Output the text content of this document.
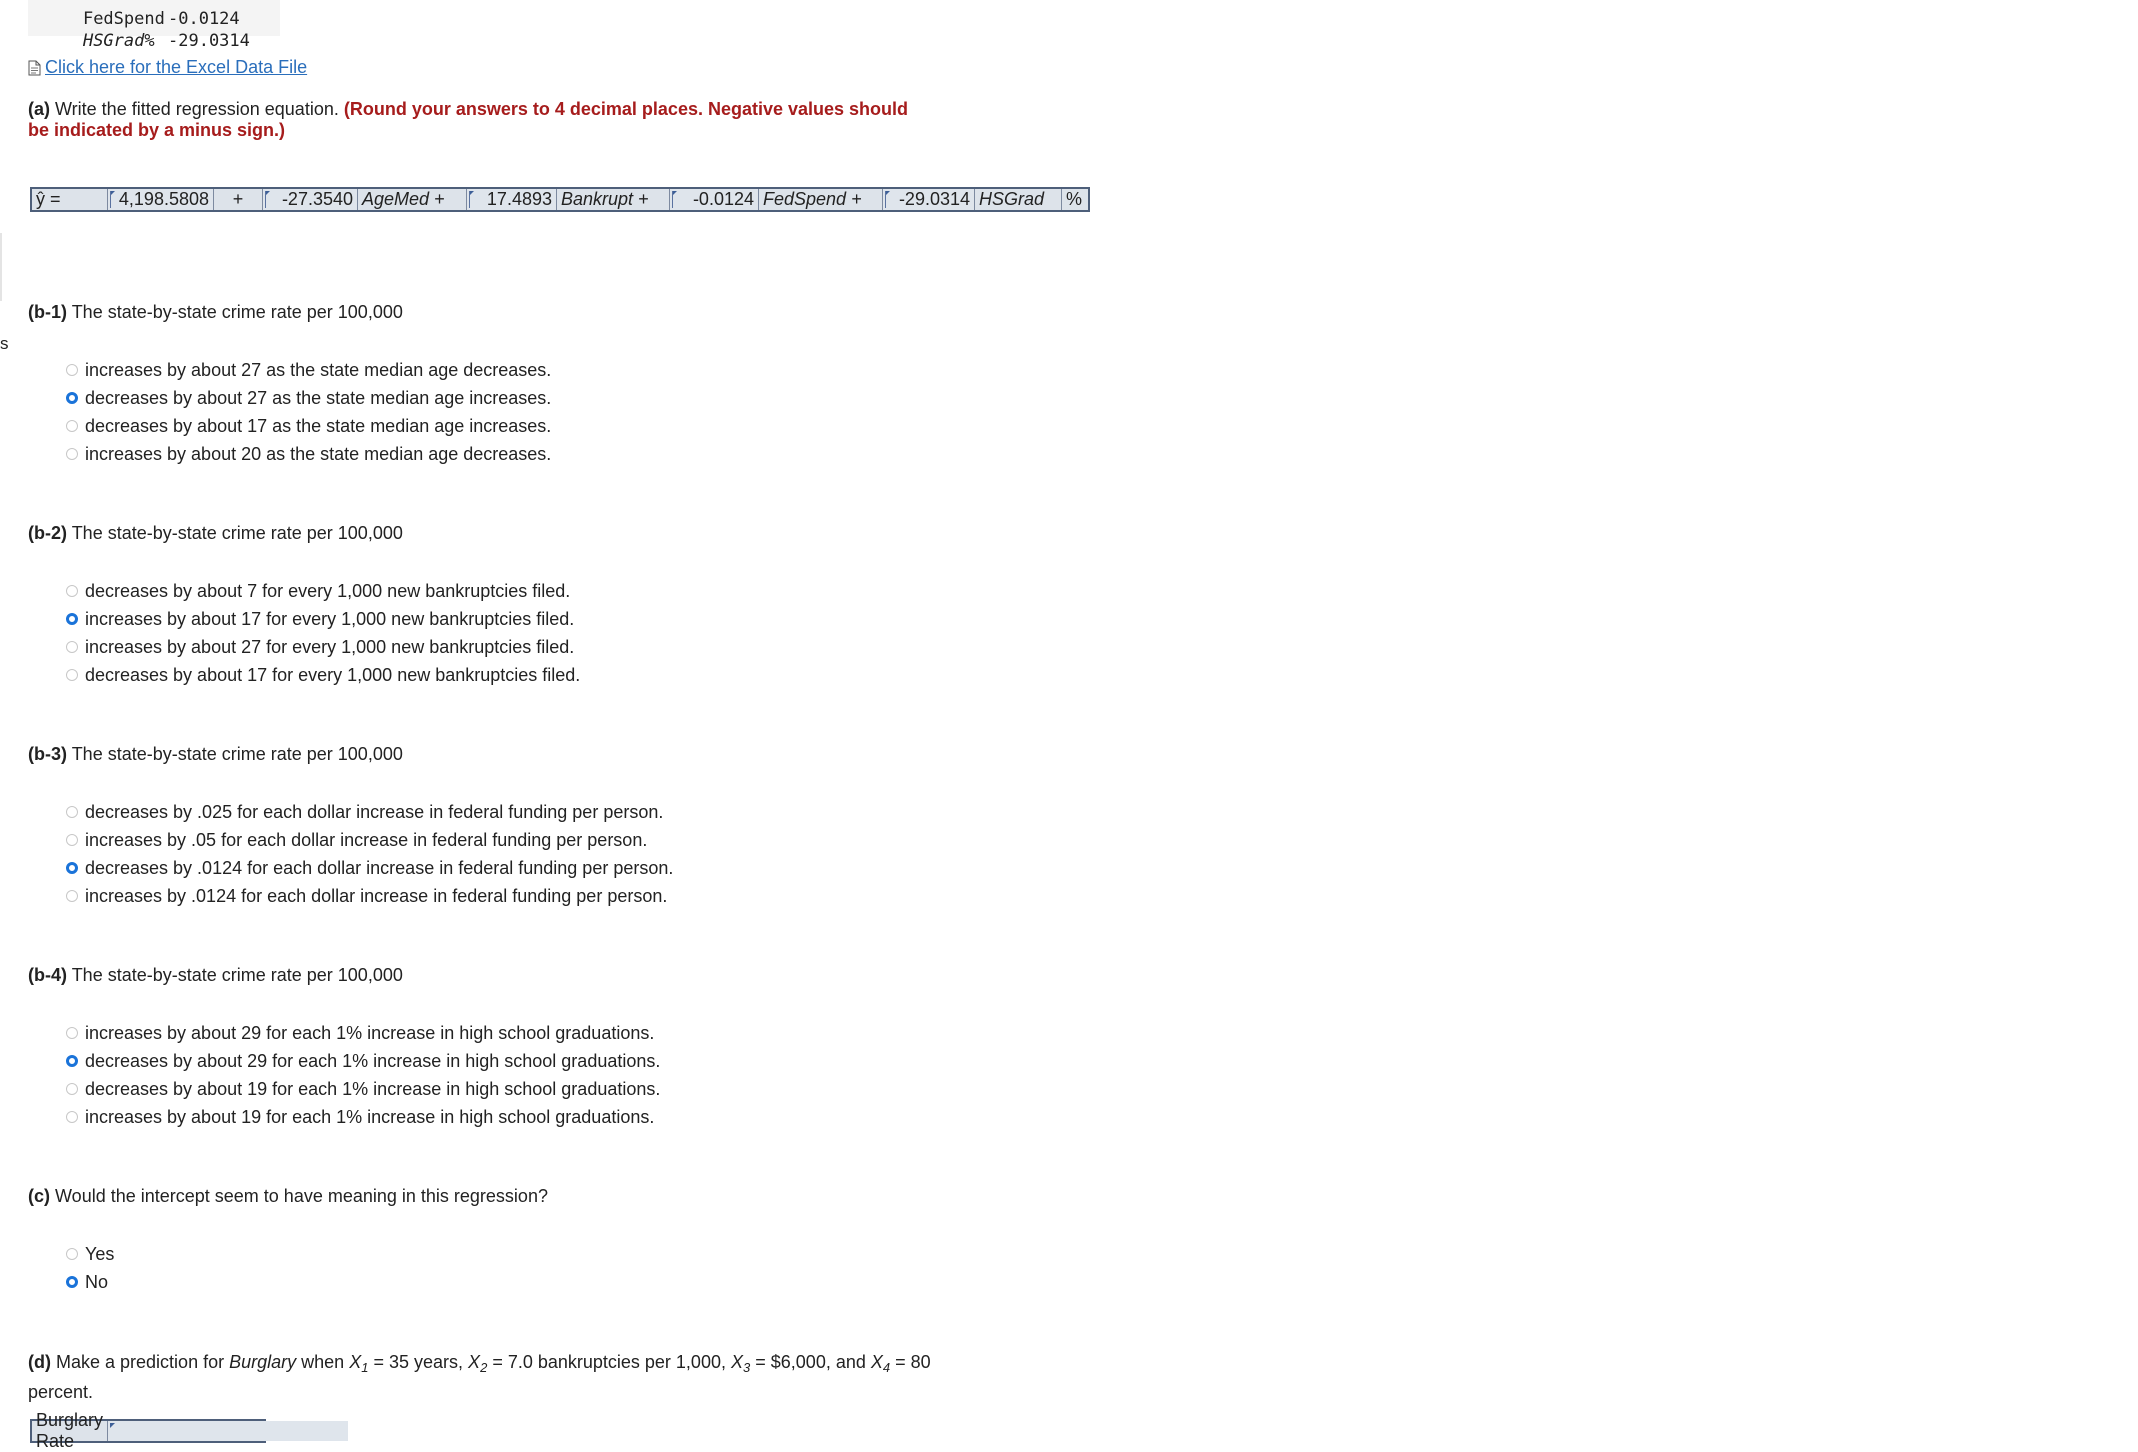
FedSpend -0.0124

HSGrad% -29.0314

Click here for the Excel Data File
(a) Write the fitted regression equation. (Round your answers to 4 decimal places. Negative values should be indicated by a minus sign.)
ŷ =	4,198.5808	+	-27.3540 AgeMed +	17.4893 Bankrupt +	-0.0124 FedSpend +	-29.0314 HSGrad	%
s
(b-1) The state-by-state crime rate per 100,000
increases by about 27 as the state median age decreases.
decreases by about 27 as the state median age increases.
decreases by about 17 as the state median age increases.
increases by about 20 as the state median age decreases.
(b-2) The state-by-state crime rate per 100,000
decreases by about 7 for every 1,000 new bankruptcies filed.
increases by about 17 for every 1,000 new bankruptcies filed.
increases by about 27 for every 1,000 new bankruptcies filed.
decreases by about 17 for every 1,000 new bankruptcies filed.
(b-3) The state-by-state crime rate per 100,000
decreases by .025 for each dollar increase in federal funding per person.
increases by .05 for each dollar increase in federal funding per person.
decreases by .0124 for each dollar increase in federal funding per person.
increases by .0124 for each dollar increase in federal funding per person.
(b-4) The state-by-state crime rate per 100,000
increases by about 29 for each 1% increase in high school graduations.
decreases by about 29 for each 1% increase in high school graduations.
decreases by about 19 for each 1% increase in high school graduations.
increases by about 19 for each 1% increase in high school graduations.
(c) Would the intercept seem to have meaning in this regression?
Yes
No
(d) Make a prediction for Burglary when $X_1 = 35$ years, $X_2 = 7.0$ bankruptcies per 1,000, $X_3$ = $6,000, and $X_4 = 80$ percent.
Burglary Rate
